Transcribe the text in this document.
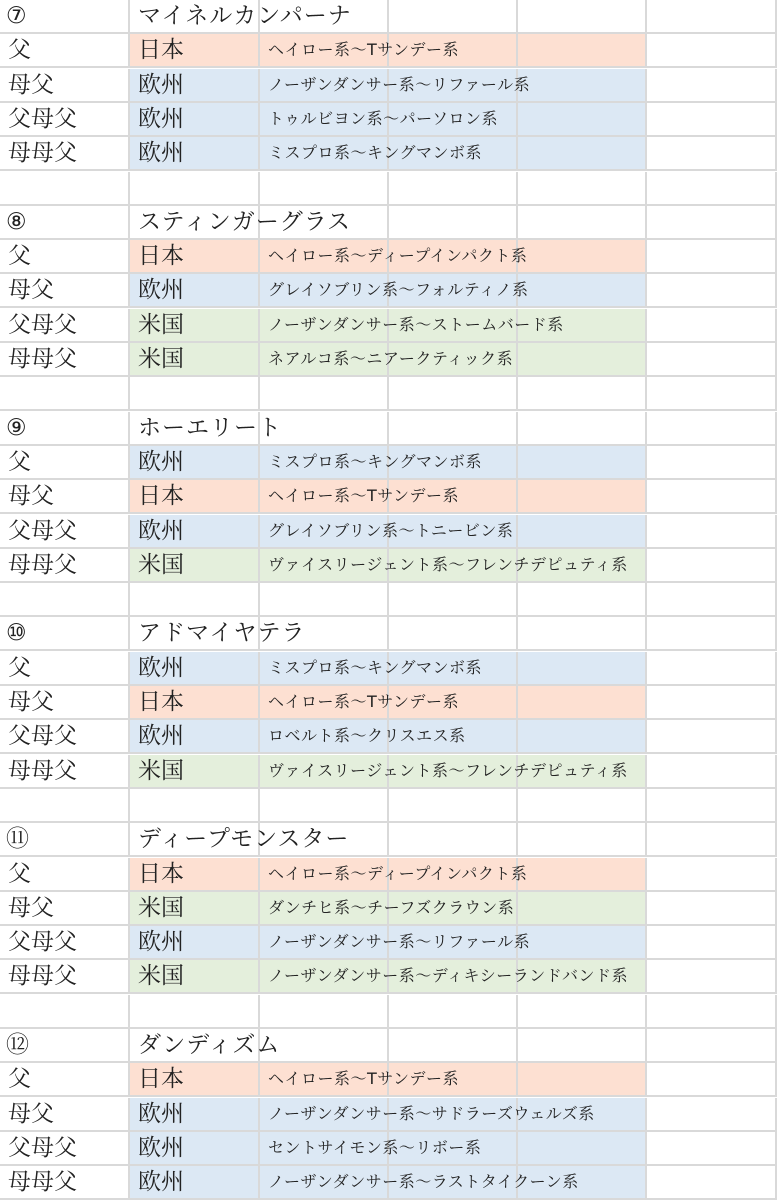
⑦	マイネルカンパーナ
父	日本	ヘイロー系〜Tサンデー系
母父	欧州	ノーザンダンサー系〜リファール系
父母父	欧州	トゥルビヨン系〜パーソロン系
母母父	欧州	ミスプロ系〜キングマンボ系
⑧	スティンガーグラス
父	日本	ヘイロー系〜ディープインパクト系
母父	欧州	グレイソブリン系〜フォルティノ系
父母父	米国	ノーザンダンサー系〜ストームバード系
母母父	米国	ネアルコ系〜ニアークティック系
⑨	ホーエリート
父	欧州	ミスプロ系〜キングマンボ系
母父	日本	ヘイロー系〜Tサンデー系
父母父	欧州	グレイソブリン系〜トニービン系
母母父	米国	ヴァイスリージェント系〜フレンチデピュティ系
⑩	アドマイヤテラ
父	欧州	ミスプロ系〜キングマンボ系
母父	日本	ヘイロー系〜Tサンデー系
父母父	欧州	ロベルト系〜クリスエス系
母母父	米国	ヴァイスリージェント系〜フレンチデピュティ系
⑪	ディープモンスター
父	日本	ヘイロー系〜ディープインパクト系
母父	米国	ダンチヒ系〜チーフズクラウン系
父母父	欧州	ノーザンダンサー系〜リファール系
母母父	米国	ノーザンダンサー系〜ディキシーランドバンド系
⑫	ダンディズム
父	日本	ヘイロー系〜Tサンデー系
母父	欧州	ノーザンダンサー系〜サドラーズウェルズ系
父母父	欧州	セントサイモン系〜リボー系
母母父	欧州	ノーザンダンサー系〜ラストタイクーン系
